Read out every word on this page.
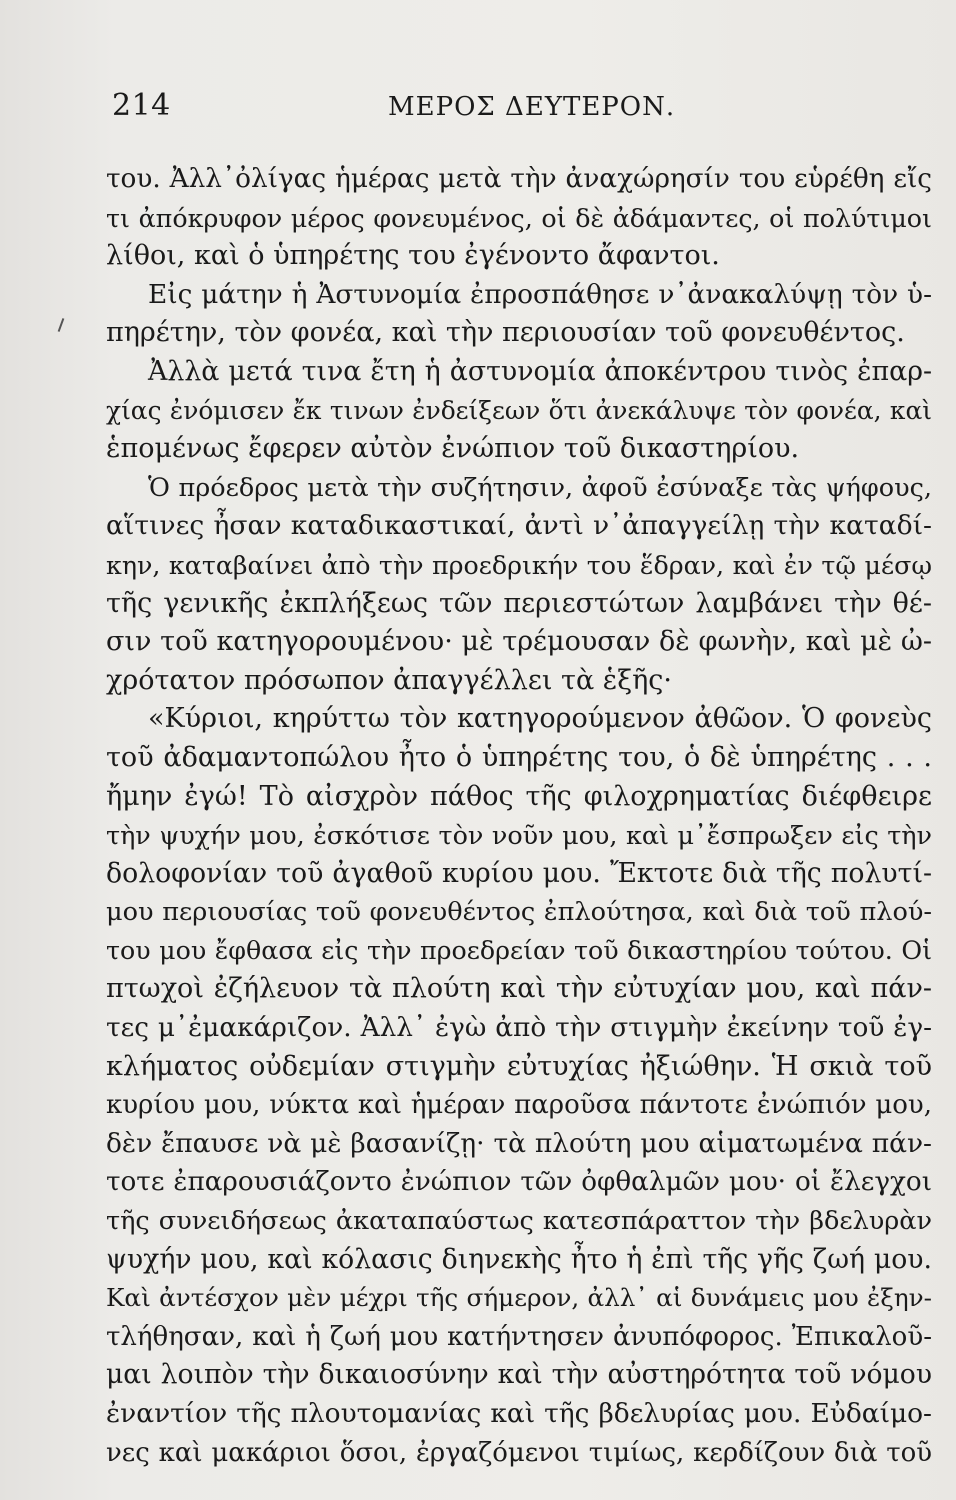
214	ΜΕΡΟΣ ΔΕΥΤΕΡΟΝ.
του. Ἀλλ᾽ὀλίγας ἡμέρας μετὰ τὴν ἀναχώρησίν του εὑρέθη εἴς
τι ἀπόκρυφον μέρος φονευμένος, οἱ δὲ ἀδάμαντες, οἱ πολύτιμοι
λίθοι, καὶ ὁ ὑπηρέτης του ἐγένοντο ἄφαντοι.
Εἰς μάτην ἡ Ἀστυνομία ἐπροσπάθησε ν᾽ἀνακαλύψῃ τὸν ὑ-
πηρέτην, τὸν φονέα, καὶ τὴν περιουσίαν τοῦ φονευθέντος.
Ἀλλὰ μετά τινα ἔτη ἡ ἀστυνομία ἀποκέντρου τινὸς ἐπαρ-
χίας ἐνόμισεν ἔκ τινων ἐνδείξεων ὅτι ἀνεκάλυψε τὸν φονέα, καὶ
ἑπομένως ἔφερεν αὐτὸν ἐνώπιον τοῦ δικαστηρίου.
Ὁ πρόεδρος μετὰ τὴν συζήτησιν, ἀφοῦ ἐσύναξε τὰς ψήφους,
αἵτινες ἦσαν καταδικαστικαί, ἀντὶ ν᾽ἀπαγγείλῃ τὴν καταδί-
κην, καταβαίνει ἀπὸ τὴν προεδρικήν του ἕδραν, καὶ ἐν τῷ μέσῳ
τῆς γενικῆς ἐκπλήξεως τῶν περιεστώτων λαμβάνει τὴν θέ-
σιν τοῦ κατηγορουμένου· μὲ τρέμουσαν δὲ φωνὴν, καὶ μὲ ὠ-
χρότατον πρόσωπον ἀπαγγέλλει τὰ ἑξῆς·
«Κύριοι, κηρύττω τὸν κατηγορούμενον ἀθῶον. Ὁ φονεὺς
τοῦ ἀδαμαντοπώλου ἦτο ὁ ὑπηρέτης του, ὁ δὲ ὑπηρέτης . . .
ἤμην ἐγώ! Τὸ αἰσχρὸν πάθος τῆς φιλοχρηματίας διέφθειρε
τὴν ψυχήν μου, ἐσκότισε τὸν νοῦν μου, καὶ μ᾽ἔσπρωξεν εἰς τὴν
δολοφονίαν τοῦ ἀγαθοῦ κυρίου μου. Ἔκτοτε διὰ τῆς πολυτί-
μου περιουσίας τοῦ φονευθέντος ἐπλούτησα, καὶ διὰ τοῦ πλού-
του μου ἔφθασα εἰς τὴν προεδρείαν τοῦ δικαστηρίου τούτου. Οἱ
πτωχοὶ ἐζήλευον τὰ πλούτη καὶ τὴν εὐτυχίαν μου, καὶ πάν-
τες μ᾽ἐμακάριζον. Ἀλλ᾽ ἐγὼ ἀπὸ τὴν στιγμὴν ἐκείνην τοῦ ἐγ-
κλήματος οὐδεμίαν στιγμὴν εὐτυχίας ἠξιώθην. Ἡ σκιὰ τοῦ
κυρίου μου, νύκτα καὶ ἡμέραν παροῦσα πάντοτε ἐνώπιόν μου,
δὲν ἔπαυσε νὰ μὲ βασανίζῃ· τὰ πλούτη μου αἱματωμένα πάν-
τοτε ἐπαρουσιάζοντο ἐνώπιον τῶν ὀφθαλμῶν μου· οἱ ἔλεγχοι
τῆς συνειδήσεως ἀκαταπαύστως κατεσπάραττον τὴν βδελυρὰν
ψυχήν μου, καὶ κόλασις διηνεκὴς ἦτο ἡ ἐπὶ τῆς γῆς ζωή μου.
Καὶ ἀντέσχον μὲν μέχρι τῆς σήμερον, ἀλλ᾽ αἱ δυνάμεις μου ἐξην-
τλήθησαν, καὶ ἡ ζωή μου κατήντησεν ἀνυπόφορος. Ἐπικαλοῦ-
μαι λοιπὸν τὴν δικαιοσύνην καὶ τὴν αὐστηρότητα τοῦ νόμου
ἐναντίον τῆς πλουτομανίας καὶ τῆς βδελυρίας μου. Εὐδαίμο-
νες καὶ μακάριοι ὅσοι, ἐργαζόμενοι τιμίως, κερδίζουν διὰ τοῦ
